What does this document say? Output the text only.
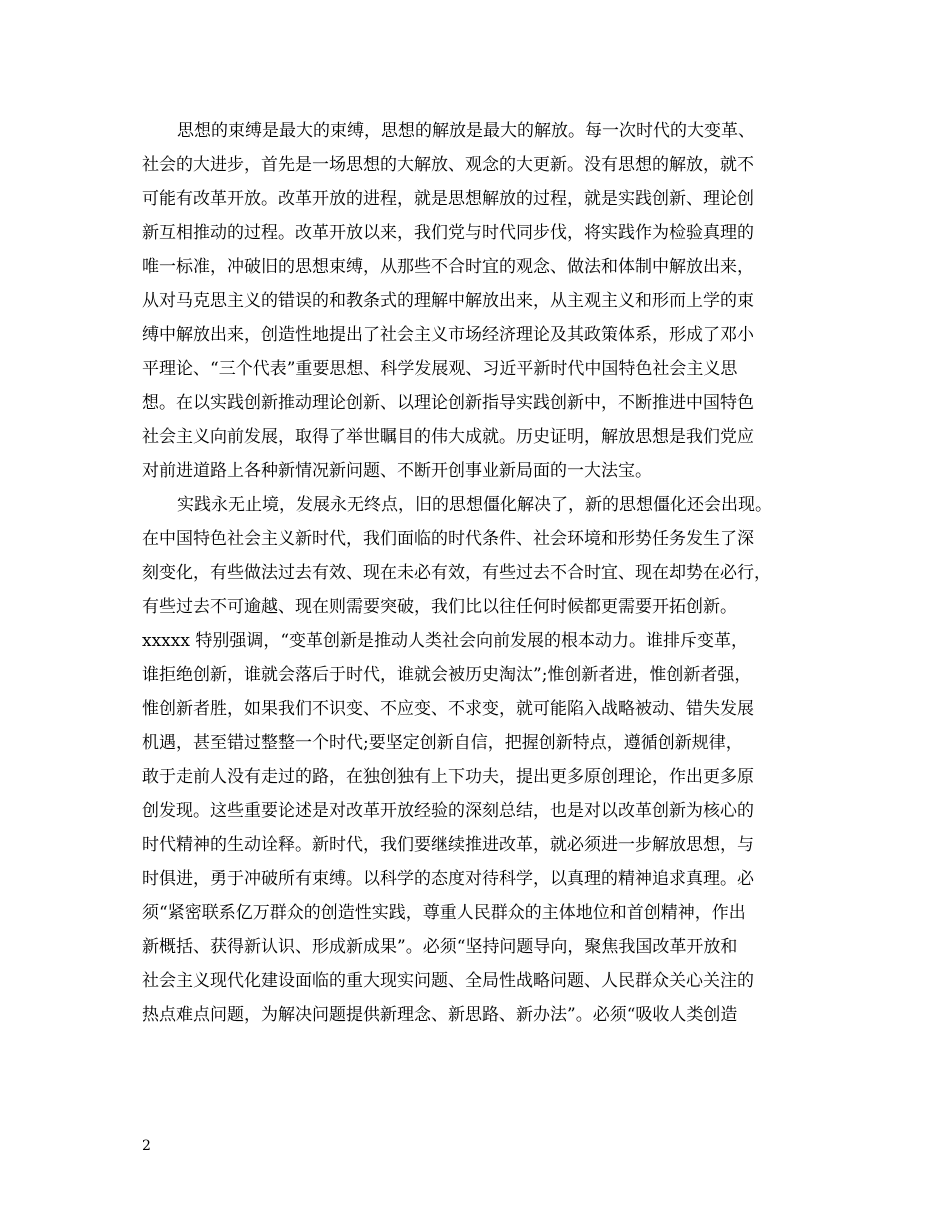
思想的束缚是最大的束缚，思想的解放是最大的解放。每一次时代的大变革、
社会的大进步，首先是一场思想的大解放、观念的大更新。没有思想的解放，就不
可能有改革开放。改革开放的进程，就是思想解放的过程，就是实践创新、理论创
新互相推动的过程。改革开放以来，我们党与时代同步伐，将实践作为检验真理的
唯一标准，冲破旧的思想束缚，从那些不合时宜的观念、做法和体制中解放出来，
从对马克思主义的错误的和教条式的理解中解放出来，从主观主义和形而上学的束
缚中解放出来，创造性地提出了社会主义市场经济理论及其政策体系，形成了邓小
平理论、“三个代表”重要思想、科学发展观、习近平新时代中国特色社会主义思
想。在以实践创新推动理论创新、以理论创新指导实践创新中，不断推进中国特色
社会主义向前发展，取得了举世瞩目的伟大成就。历史证明，解放思想是我们党应
对前进道路上各种新情况新问题、不断开创事业新局面的一大法宝。
实践永无止境，发展永无终点，旧的思想僵化解决了，新的思想僵化还会出现。
在中国特色社会主义新时代，我们面临的时代条件、社会环境和形势任务发生了深
刻变化，有些做法过去有效、现在未必有效，有些过去不合时宜、现在却势在必行，
有些过去不可逾越、现在则需要突破，我们比以往任何时候都更需要开拓创新。
xxxxx 特别强调，“变革创新是推动人类社会向前发展的根本动力。谁排斥变革，
谁拒绝创新，谁就会落后于时代，谁就会被历史淘汰”;惟创新者进，惟创新者强，
惟创新者胜，如果我们不识变、不应变、不求变，就可能陷入战略被动、错失发展
机遇，甚至错过整整一个时代;要坚定创新自信，把握创新特点，遵循创新规律，
敢于走前人没有走过的路，在独创独有上下功夫，提出更多原创理论，作出更多原
创发现。这些重要论述是对改革开放经验的深刻总结，也是对以改革创新为核心的
时代精神的生动诠释。新时代，我们要继续推进改革，就必须进一步解放思想，与
时俱进，勇于冲破所有束缚。以科学的态度对待科学，以真理的精神追求真理。必
须“紧密联系亿万群众的创造性实践，尊重人民群众的主体地位和首创精神，作出
新概括、获得新认识、形成新成果”。必须“坚持问题导向，聚焦我国改革开放和
社会主义现代化建设面临的重大现实问题、全局性战略问题、人民群众关心关注的
热点难点问题，为解决问题提供新理念、新思路、新办法”。必须“吸收人类创造
2
